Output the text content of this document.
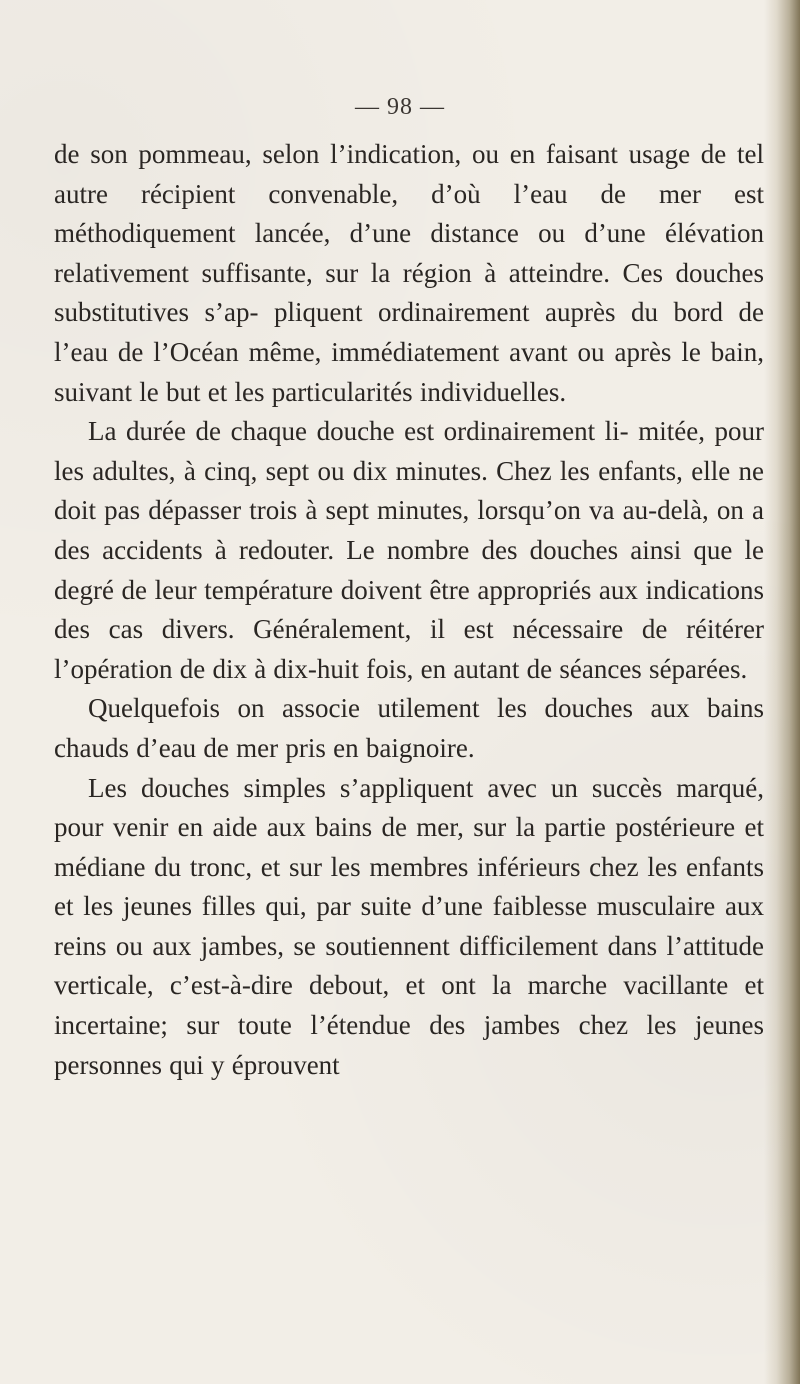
— 98 —

de son pommeau, selon l’indication, ou en faisant usage de tel autre récipient convenable, d’où l’eau de mer est méthodiquement lancée, d’une distance ou d’une élévation relativement suffisante, sur la région à atteindre. Ces douches substitutives s’ap- pliquent ordinairement auprès du bord de l’eau de l’Océan même, immédiatement avant ou après le bain, suivant le but et les particularités individuelles.

La durée de chaque douche est ordinairement li- mitée, pour les adultes, à cinq, sept ou dix minutes. Chez les enfants, elle ne doit pas dépasser trois à sept minutes, lorsqu’on va au-delà, on a des accidents à redouter. Le nombre des douches ainsi que le degré de leur température doivent être appropriés aux indications des cas divers. Généralement, il est nécessaire de réitérer l’opération de dix à dix-huit fois, en autant de séances séparées.

Quelquefois on associe utilement les douches aux bains chauds d’eau de mer pris en baignoire.

Les douches simples s’appliquent avec un succès marqué, pour venir en aide aux bains de mer, sur la partie postérieure et médiane du tronc, et sur les membres inférieurs chez les enfants et les jeunes filles qui, par suite d’une faiblesse musculaire aux reins ou aux jambes, se soutiennent difficilement dans l’attitude verticale, c’est-à-dire debout, et ont la marche vacillante et incertaine; sur toute l’étendue des jambes chez les jeunes personnes qui y éprouvent
